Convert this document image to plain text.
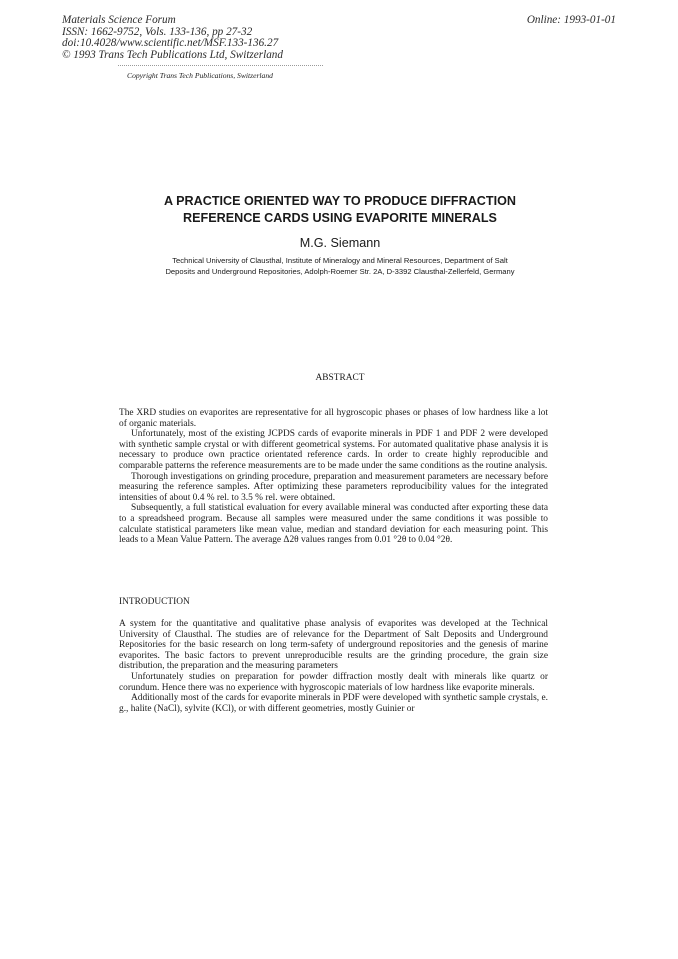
Materials Science Forum
ISSN: 1662-9752, Vols. 133-136, pp 27-32
doi:10.4028/www.scientific.net/MSF.133-136.27
© 1993 Trans Tech Publications Ltd, Switzerland
Online: 1993-01-01
Copyright Trans Tech Publications, Switzerland
A PRACTICE ORIENTED WAY TO PRODUCE DIFFRACTION
REFERENCE CARDS USING EVAPORITE MINERALS
M.G. Siemann
Technical University of Clausthal, Institute of Mineralogy and Mineral Resources, Department of Salt
Deposits and Underground Repositories, Adolph-Roemer Str. 2A, D-3392 Clausthal-Zellerfeld, Germany
ABSTRACT

The XRD studies on evaporites are representative for all hygroscopic phases or phases of low hardness like a lot of organic materials.

Unfortunately, most of the existing JCPDS cards of evaporite minerals in PDF 1 and PDF 2 were developed with synthetic sample crystal or with different geometrical systems. For automated qualitative phase analysis it is necessary to produce own practice orientated reference cards. In order to create highly reproducible and comparable patterns the reference measurements are to be made under the same conditions as the routine analysis.

Thorough investigations on grinding procedure, preparation and measurement parameters are necessary before measuring the reference samples. After optimizing these parameters reproducibility values for the integrated intensities of about 0.4 % rel. to 3.5 % rel. were obtained.

Subsequently, a full statistical evaluation for every available mineral was conducted after exporting these data to a spreadsheed program. Because all samples were measured under the same conditions it was possible to calculate statistical parameters like mean value, median and standard deviation for each measuring point. This leads to a Mean Value Pattern. The average Δ2θ values ranges from 0.01 °2θ to 0.04 °2θ.

INTRODUCTION

A system for the quantitative and qualitative phase analysis of evaporites was developed at the Technical University of Clausthal. The studies are of relevance for the Department of Salt Deposits and Underground Repositories for the basic research on long term-safety of underground repositories and the genesis of marine evaporites. The basic factors to prevent unreproducible results are the grinding procedure, the grain size distribution, the preparation and the measuring parameters

Unfortunately studies on preparation for powder diffraction mostly dealt with minerals like quartz or corundum. Hence there was no experience with hygroscopic materials of low hardness like evaporite minerals.

Additionally most of the cards for evaporite minerals in PDF were developed with synthetic sample crystals, e. g., halite (NaCl), sylvite (KCl), or with different geometries, mostly Guinier or
